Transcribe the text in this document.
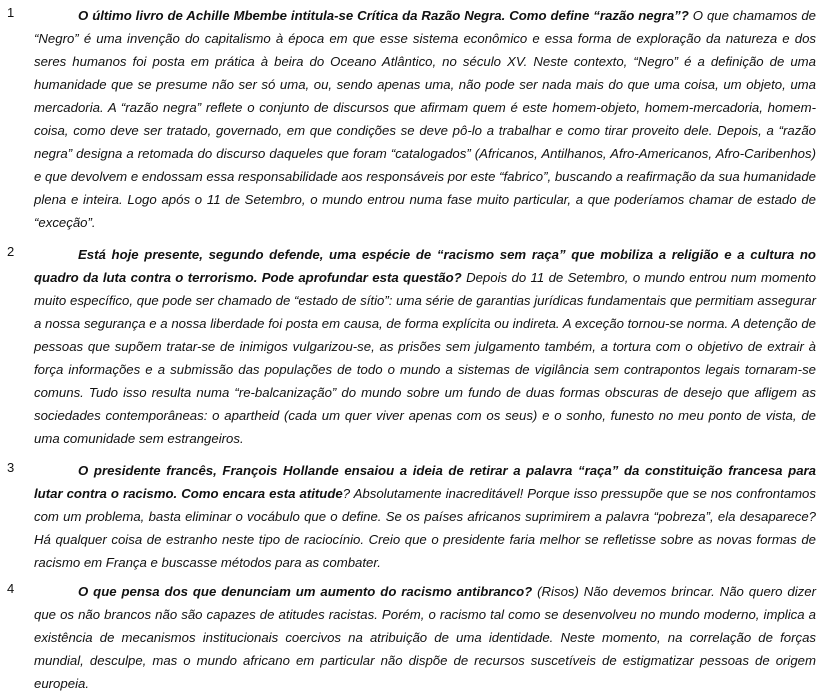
1	O último livro de Achille Mbembe intitula-se Crítica da Razão Negra. Como define “razão negra”? O que chamamos de “Negro” é uma invenção do capitalismo à época em que esse sistema econômico e essa forma de exploração da natureza e dos seres humanos foi posta em prática à beira do Oceano Atlântico, no século XV. Neste contexto, “Negro” é a definição de uma humanidade que se presume não ser só uma, ou, sendo apenas uma, não pode ser nada mais do que uma coisa, um objeto, uma mercadoria. A “razão negra” reflete o conjunto de discursos que afirmam quem é este homem-objeto, homem-mercadoria, homem-coisa, como deve ser tratado, governado, em que condições se deve pô-lo a trabalhar e como tirar proveito dele. Depois, a “razão negra” designa a retomada do discurso daqueles que foram “catalogados” (Africanos, Antilhanos, Afro-Americanos, Afro-Caribenhos) e que devolvem e endossam essa responsabilidade aos responsáveis por este “fabrico”, buscando a reafirmação da sua humanidade plena e inteira. Logo após o 11 de Setembro, o mundo entrou numa fase muito particular, a que poderíamos chamar de estado de “exceção”.

2	Está hoje presente, segundo defende, uma espécie de “racismo sem raça” que mobiliza a religião e a cultura no quadro da luta contra o terrorismo. Pode aprofundar esta questão? Depois do 11 de Setembro, o mundo entrou num momento muito específico, que pode ser chamado de “estado de sítio”: uma série de garantias jurídicas fundamentais que permitiam assegurar a nossa segurança e a nossa liberdade foi posta em causa, de forma explícita ou indireta. A exceção tornou-se norma. A detenção de pessoas que supõem tratar-se de inimigos vulgarizou-se, as prisões sem julgamento também, a tortura com o objetivo de extrair à força informações e a submissão das populações de todo o mundo a sistemas de vigilância sem contrapontos legais tornaram-se comuns. Tudo isso resulta numa “re-balcanização” do mundo sobre um fundo de duas formas obscuras de desejo que afligem as sociedades contemporâneas: o apartheid (cada um quer viver apenas com os seus) e o sonho, funesto no meu ponto de vista, de uma comunidade sem estrangeiros.

3	O presidente francês, François Hollande ensaiou a ideia de retirar a palavra “raça” da constituição francesa para lutar contra o racismo. Como encara esta atitude? Absolutamente inacreditável! Porque isso pressupõe que se nos confrontamos com um problema, basta eliminar o vocábulo que o define. Se os países africanos suprimirem a palavra “pobreza”, ela desaparece? Há qualquer coisa de estranho neste tipo de raciocínio. Creio que o presidente faria melhor se refletisse sobre as novas formas de racismo em França e buscasse métodos para as combater.

4	O que pensa dos que denunciam um aumento do racismo antibranco? (Risos) Não devemos brincar. Não quero dizer que os não brancos não são capazes de atitudes racistas. Porém, o racismo tal como se desenvolveu no mundo moderno, implica a existência de mecanismos institucionais coercivos na atribuição de uma identidade. Neste momento, na correlação de forças mundial, desculpe, mas o mundo africano em particular não dispõe de recursos suscetíveis de estigmatizar pessoas de origem europeia.
